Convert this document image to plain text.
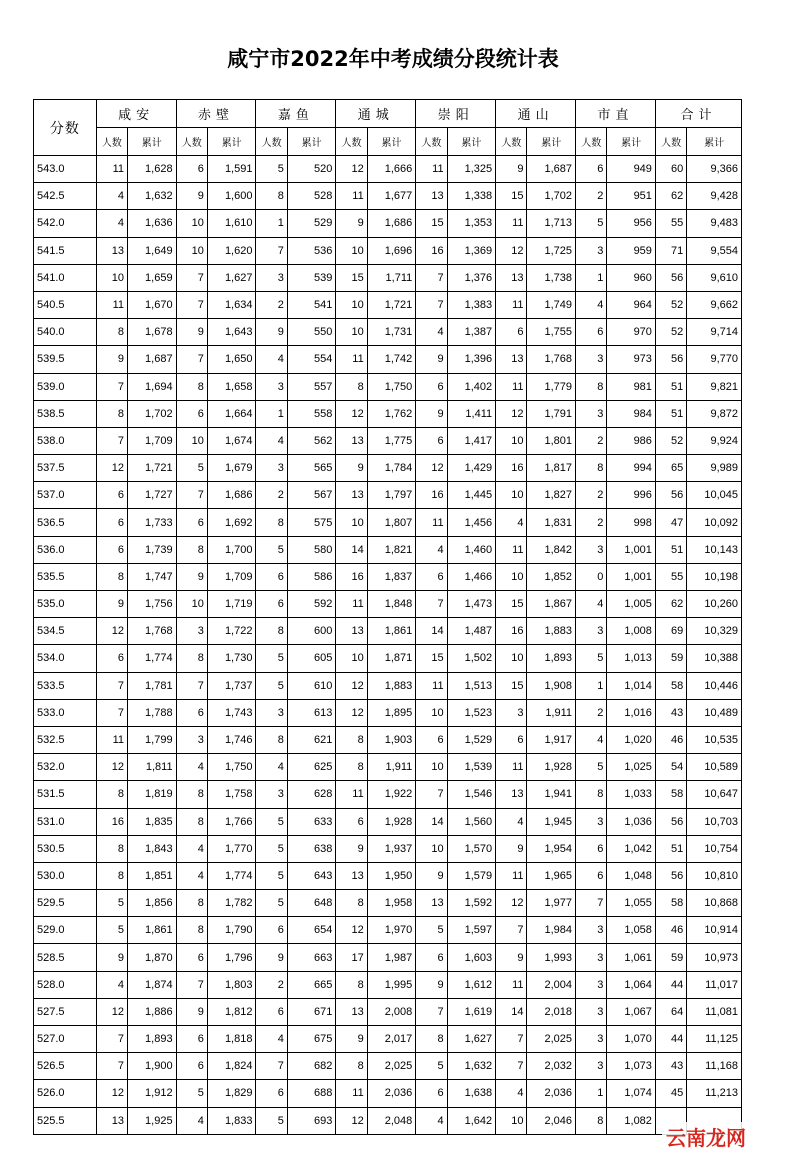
咸宁市2022年中考成绩分段统计表
分数	咸安		赤壁		嘉鱼		通城		崇阳		通山		市直		合计	
	人数	累计	人数	累计	人数	累计	人数	累计	人数	累计	人数	累计	人数	累计	人数	累计
543.0	11	1,628	6	1,591	5	520	12	1,666	11	1,325	9	1,687	6	949	60	9,366
542.5	4	1,632	9	1,600	8	528	11	1,677	13	1,338	15	1,702	2	951	62	9,428
542.0	4	1,636	10	1,610	1	529	9	1,686	15	1,353	11	1,713	5	956	55	9,483
541.5	13	1,649	10	1,620	7	536	10	1,696	16	1,369	12	1,725	3	959	71	9,554
541.0	10	1,659	7	1,627	3	539	15	1,711	7	1,376	13	1,738	1	960	56	9,610
540.5	11	1,670	7	1,634	2	541	10	1,721	7	1,383	11	1,749	4	964	52	9,662
540.0	8	1,678	9	1,643	9	550	10	1,731	4	1,387	6	1,755	6	970	52	9,714
539.5	9	1,687	7	1,650	4	554	11	1,742	9	1,396	13	1,768	3	973	56	9,770
539.0	7	1,694	8	1,658	3	557	8	1,750	6	1,402	11	1,779	8	981	51	9,821
538.5	8	1,702	6	1,664	1	558	12	1,762	9	1,411	12	1,791	3	984	51	9,872
538.0	7	1,709	10	1,674	4	562	13	1,775	6	1,417	10	1,801	2	986	52	9,924
537.5	12	1,721	5	1,679	3	565	9	1,784	12	1,429	16	1,817	8	994	65	9,989
537.0	6	1,727	7	1,686	2	567	13	1,797	16	1,445	10	1,827	2	996	56	10,045
536.5	6	1,733	6	1,692	8	575	10	1,807	11	1,456	4	1,831	2	998	47	10,092
536.0	6	1,739	8	1,700	5	580	14	1,821	4	1,460	11	1,842	3	1,001	51	10,143
535.5	8	1,747	9	1,709	6	586	16	1,837	6	1,466	10	1,852	0	1,001	55	10,198
535.0	9	1,756	10	1,719	6	592	11	1,848	7	1,473	15	1,867	4	1,005	62	10,260
534.5	12	1,768	3	1,722	8	600	13	1,861	14	1,487	16	1,883	3	1,008	69	10,329
534.0	6	1,774	8	1,730	5	605	10	1,871	15	1,502	10	1,893	5	1,013	59	10,388
533.5	7	1,781	7	1,737	5	610	12	1,883	11	1,513	15	1,908	1	1,014	58	10,446
533.0	7	1,788	6	1,743	3	613	12	1,895	10	1,523	3	1,911	2	1,016	43	10,489
532.5	11	1,799	3	1,746	8	621	8	1,903	6	1,529	6	1,917	4	1,020	46	10,535
532.0	12	1,811	4	1,750	4	625	8	1,911	10	1,539	11	1,928	5	1,025	54	10,589
531.5	8	1,819	8	1,758	3	628	11	1,922	7	1,546	13	1,941	8	1,033	58	10,647
531.0	16	1,835	8	1,766	5	633	6	1,928	14	1,560	4	1,945	3	1,036	56	10,703
530.5	8	1,843	4	1,770	5	638	9	1,937	10	1,570	9	1,954	6	1,042	51	10,754
530.0	8	1,851	4	1,774	5	643	13	1,950	9	1,579	11	1,965	6	1,048	56	10,810
529.5	5	1,856	8	1,782	5	648	8	1,958	13	1,592	12	1,977	7	1,055	58	10,868
529.0	5	1,861	8	1,790	6	654	12	1,970	5	1,597	7	1,984	3	1,058	46	10,914
528.5	9	1,870	6	1,796	9	663	17	1,987	6	1,603	9	1,993	3	1,061	59	10,973
528.0	4	1,874	7	1,803	2	665	8	1,995	9	1,612	11	2,004	3	1,064	44	11,017
527.5	12	1,886	9	1,812	6	671	13	2,008	7	1,619	14	2,018	3	1,067	64	11,081
527.0	7	1,893	6	1,818	4	675	9	2,017	8	1,627	7	2,025	3	1,070	44	11,125
526.5	7	1,900	6	1,824	7	682	8	2,025	5	1,632	7	2,032	3	1,073	43	11,168
526.0	12	1,912	5	1,829	6	688	11	2,036	6	1,638	4	2,036	1	1,074	45	11,213
525.5	13	1,925	4	1,833	5	693	12	2,048	4	1,642	10	2,046	8	1,082		
云南龙网
